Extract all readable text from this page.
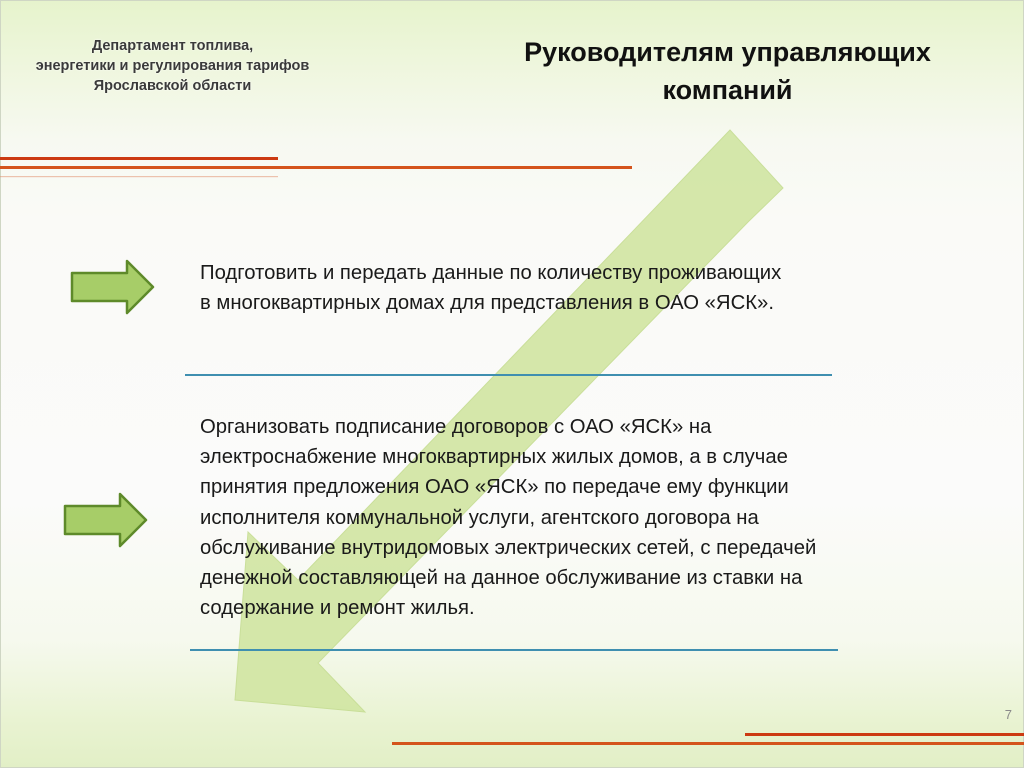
Департамент топлива,
энергетики и регулирования тарифов
Ярославской области
Руководителям управляющих
компаний
Подготовить и передать данные по количеству проживающих
в многоквартирных домах для представления в ОАО «ЯСК».
Организовать подписание договоров с ОАО «ЯСК» на
электроснабжение многоквартирных жилых домов, а в случае
принятия предложения ОАО «ЯСК» по передаче ему функции
исполнителя коммунальной услуги, агентского договора на
обслуживание внутридомовых электрических сетей, с передачей
денежной составляющей на данное обслуживание из ставки на
содержание и ремонт жилья.
7
